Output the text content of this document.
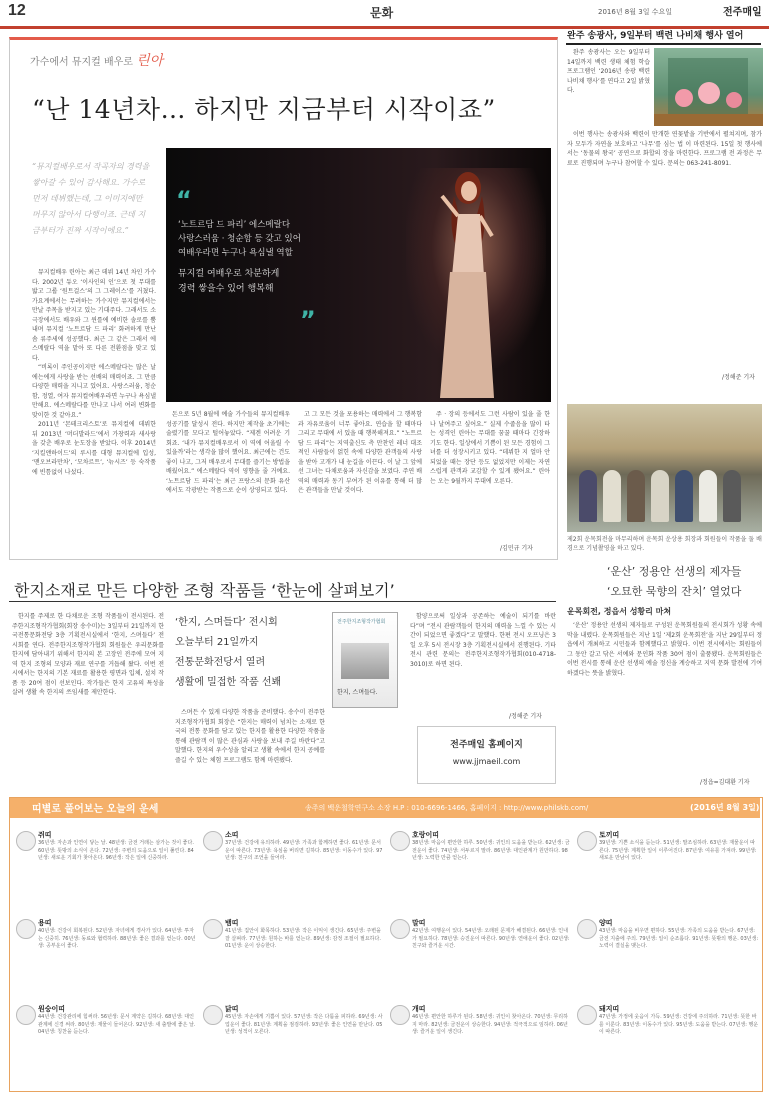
12	문화	2016년 8월 3일 수요일	전주매일
가수에서 뮤지컬 배우로 린아
“난 14년차… 하지만 지금부터 시작이죠”
“뮤지컬배우로서 작곡자의 경력을 쌓아갈 수 있어 감사해요. 가수로 먼저 데뷔했는데, 그 이미지에만 머무지 않아서 다행이죠. 근데 지금부터가 진짜 시작이에요.”
“
‘노트르담 드 파리’ 에스메랄다
사랑스러움 · 청순함 등 갖고 있어
여배우라면 누구나 욕심낼 역할
뮤지컬 여배우로 차분하게
경력 쌓을수 있어 행복해
”

뮤지컬배우 린아는 최근 데뷔 14년 차인 가수다. 2002년 듀오 ‘이사인의 인’으로 첫 무대를 밟고 그룹 ‘원트걸스’의 그 그레이스’를 거쳤다. 가요계에서는 무려하는 가수지만 뮤지컬에서는 만날 주목을 받지고 있는 기대주다. 그래서도 소극장에서도 배우와 그 윈를에 예비한 솔로를 뿜내며 뮤지컬 ‘노트르담 드 파리’ 화려하게 만난 솜 류주세에 성공했다. 최근 그 같은 그래서 에스메랄다 역을 맡아 또 다른 전환점을 맞고 있다.

“비록이 주인공이지만 에스메랄다는 많은 날에는에게 사랑을 받는 선배의 매력이죠. 그 만큼 다양한 매력을 지니고 있어요. 사랑스러움, 청순함, 정열, 여자 뮤지컬여배우라면 누구나 욕심낼 만해요. 에스메랄다를 만나고 나서 여러 변화를 맞이한 것 같아요.”

2011년 ‘몬테크리스토’로 뮤지컬에 데뷔한 뒤 2013년 ‘머더발라드’에서 가창력과 새사랑을 갖춘 배우로 눈도장을 받았다. 이후 2014년 ‘지킬앤하이드’의 루시를 대형 뮤지컬에 입성, ‘맨오브라만차’, ‘모차르트’, ‘뉴시즈’ 등 숙작품에 빈틈없이 나섰다.

돈으로 5년 8월에 예술 가수들의 뮤지컬배우 성공기를 달성시 전다. 하지만 제작을 초기에는 술렸기를 모다고 털어놓았다. “제겐 어려운 기회죠. ‘내가 뮤지컬배우로서 이 역에 어울릴 수 있을까’라는 생각을 많이 했어요. 최근에는 건도 좋이 나고, 그저 배우로서 무대를 즐기는 방법을 배웠어요.” 에스메랄다 역이 영향을 줄 거예요. ‘노트르담 드 파리’는 최근 프랑스의 문화 유산에서도 각광받는 작품으로 순이 상영되고 있다.

고 그 모든 것을 포용하는 매력에서 그 행복함과 자유로움이 너무 좋아요. 연습을 할 때마다 그리고 무대에 서 있을 때 행복해져요.” “노트르담 드 파리”는 지역출신도 측 만찬인 레너 대조적인 사람들이 얽힌 속에 다양한 관객들의 사랑을 받아 고개가 내 눈길을 이끈다. 이 날 그 앞에 선 그녀는 다채로움과 자신감을 보였다. 주연 배역의 매력과 동기 부여가 된 이유를 통해 더 많은 관객들을 만날 것이다.

주 · 장의 등에서도 그런 사람이 있을 줄 한 나 날여주고 싶어요.” 실제 수줍음을 많이 타는 성격인 린아는 무대를 꿈꿀 때마다 긴장하기도 한다. 일상에서 기쁨이 된 모든 경험이 그녀를 더 성장시키고 있다. “데뷔한 지 얼마 안 되었을 때는 장단 등도 없었지만 이제는 자연스럽게 관객과 교감할 수 있게 됐어요.” 린아는 오는 9월까지 무대에 오른다.

/김민규 기자
완주 송광사, 9일부터 백련 나비채 행사 열어

완주 송광사는 오는 9일부터 14일까지 백련 생태 체험 학습 프로그램인 ‘2016년 송광 백련 나비채 행사’를 연다고 2일 밝혔다.

이번 행사는 송광사와 백련이 만개한 연꽃밭을 기반에서 펼쳐지며, 참가자 모두가 자연을 보호하고 ‘나무’를 심는 법 이 마련된다. 15일 첫 행사에서는 ‘동물의 왕국’ 공연으로 화합의 장을 마련한다. 프로그램 전 과정은 무료로 진행되며 누구나 참여할 수 있다. 문의는 063-241-8091.

/정해준 기자
제2회 운목회전을 마무리하며 운목회 운상용 회장과 회원들이 작품을 둘 배경으로 기념촬영을 하고 있다.
‘운산’ 정용안 선생의 제자들
‘오묘한 묵향의 잔치’ 열었다
운목회전, 정읍서 성황리 마쳐

‘운산’ 정용안 선생의 제자들로 구성된 운목회원들의 전시회가 성황 속에 막을 내렸다. 운목회원들은 지난 1일 ‘제2회 운목회전’을 지난 29일부터 정읍에서 개최하고 시민들과 함께했다고 밝혔다. 이번 전시에서는 회원들이 그 동안 갈고 닦은 서예와 문인화 작품 30여 점이 출품됐다. 운목회원들은 이번 전시를 통해 운산 선생의 예술 정신을 계승하고 지역 문화 발전에 기여하겠다는 뜻을 밝혔다.

/정읍=김대환 기자
한지소재로 만든 다양한 조형 작품들 ‘한눈에 살펴보기’

한지를 주제로 한 다채로운 조형 작품들이 전시된다. 전주한지조형작가협회(회장 송수미)는 3일부터 21일까지 한국전통문화전당 3층 기획전시실에서 ‘한지, 스며들다’ 전시회를 연다. 전주한지조형작가협회 회원들은 우리문화를 한지에 담아내기 위해서 한지의 본 고장인 전주에 모여 지역 한지 조형의 모양과 재료 연구를 거듭해 왔다. 이번 전시에서는 한지의 기본 재료를 활용한 평면과 입체, 설치 작품 등 20여 점이 선보인다. 작가들은 한지 고유의 특성을 살려 생활 속 한지의 쓰임새를 제안한다.

‘한지, 스며들다’ 전시회
오늘부터 21일까지
전통문화전당서 열려
생활에 밀접한 작품 선봬

스며든 수 있게 다양한 작품을 준비했다. 송수미 전주한지조형작가협회 회장은 “한지는 매력이 넘치는 소재로 한국의 전통 문화를 담고 있는 한지를 활용한 다양한 작품을 통해 관람객 이 많은 관심과 사랑을 보내 주길 바란다”고 말했다. 한지의 우수성을 알리고 생활 속에서 한지 공예를 즐길 수 있는 체험 프로그램도 함께 마련됐다.

전주한지조형작가협회
한지, 스며들다.

함양으로써 일상과 공존하는 예술이 되기를 바란다”며 “전시 관람객들이 한지의 매력을 느낄 수 있는 시간이 되었으면 좋겠다”고 말했다. 한편 전시 오프닝은 3일 오후 5시 전시장 3층 기획전시실에서 진행된다. 기타 전시 관련 문의는 전주한지조형작가협회(010-4718-3010)로 하면 된다.

/정해준 기자
전주매일 홈페이지
www.jjmaeil.com
띠별로 풀어보는 오늘의 운세	송주의 백운철학연구소 소장 H.P : 010-6696-1466, 홈페이지 : http://www.philskb.com/	(2016년 8월 3일)
쥐띠
36년생: 자손과 인연이 닿는 날. 48년생: 금전 거래는 삼가는 것이 좋다. 60년생: 뜻밖의 소식이 온다. 72년생: 주변의 도움으로 일이 풀린다. 84년생: 새로운 기회가 찾아온다. 96년생: 작은 일에 신중하라.
소띠
37년생: 건강에 유의하라. 49년생: 가족과 함께하면 좋다. 61년생: 문서운이 따른다. 73년생: 욕심을 버리면 길하다. 85년생: 이동수가 있다. 97년생: 친구의 조언을 들어라.
호랑이띠
38년생: 마음이 편안한 하루. 50년생: 귀인의 도움을 받는다. 62년생: 금전운이 좋다. 74년생: 서두르지 말라. 86년생: 대인관계가 원만하다. 98년생: 노력한 만큼 얻는다.
토끼띠
39년생: 기쁜 소식을 듣는다. 51년생: 말조심하라. 63년생: 재물운이 따른다. 75년생: 계획한 일이 이루어진다. 87년생: 여유를 가져라. 99년생: 새로운 만남이 있다.
용띠
40년생: 건강이 회복된다. 52년생: 자녀에게 경사가 있다. 64년생: 투자는 신중히. 76년생: 동료와 협력하라. 88년생: 좋은 결과를 얻는다. 00년생: 공부운이 좋다.
뱀띠
41년생: 집안이 화목하다. 53년생: 작은 이익이 생긴다. 65년생: 주변을 잘 살펴라. 77년생: 원하는 바를 얻는다. 89년생: 감정 조절이 필요하다. 01년생: 운이 상승한다.
말띠
42년생: 여행운이 있다. 54년생: 오래된 문제가 해결된다. 66년생: 인내가 필요하다. 78년생: 승진운이 따른다. 90년생: 연애운이 좋다. 02년생: 친구와 즐거운 시간.
양띠
43년생: 마음을 비우면 편하다. 55년생: 가족의 도움을 받는다. 67년생: 금전 지출에 주의. 79년생: 일이 순조롭다. 91년생: 뜻밖의 행운. 03년생: 노력이 결실을 맺는다.
원숭이띠
44년생: 건강관리에 힘써라. 56년생: 문서 계약은 길하다. 68년생: 대인관계에 신경 써라. 80년생: 재물이 들어온다. 92년생: 새 출발에 좋은 날. 04년생: 칭찬을 듣는다.
닭띠
45년생: 자손에게 기쁨이 있다. 57년생: 작은 다툼을 피하라. 69년생: 사업운이 좋다. 81년생: 계획을 점검하라. 93년생: 좋은 인연을 만난다. 05년생: 성적이 오른다.
개띠
46년생: 편안한 하루가 된다. 58년생: 귀인이 찾아온다. 70년생: 무리하지 마라. 82년생: 금전운이 상승한다. 94년생: 적극적으로 임하라. 06년생: 즐거운 일이 생긴다.
돼지띠
47년생: 가정에 웃음이 가득. 59년생: 건강에 주의하라. 71년생: 뜻한 바를 이룬다. 83년생: 이동수가 있다. 95년생: 도움을 받는다. 07년생: 행운이 따른다.
